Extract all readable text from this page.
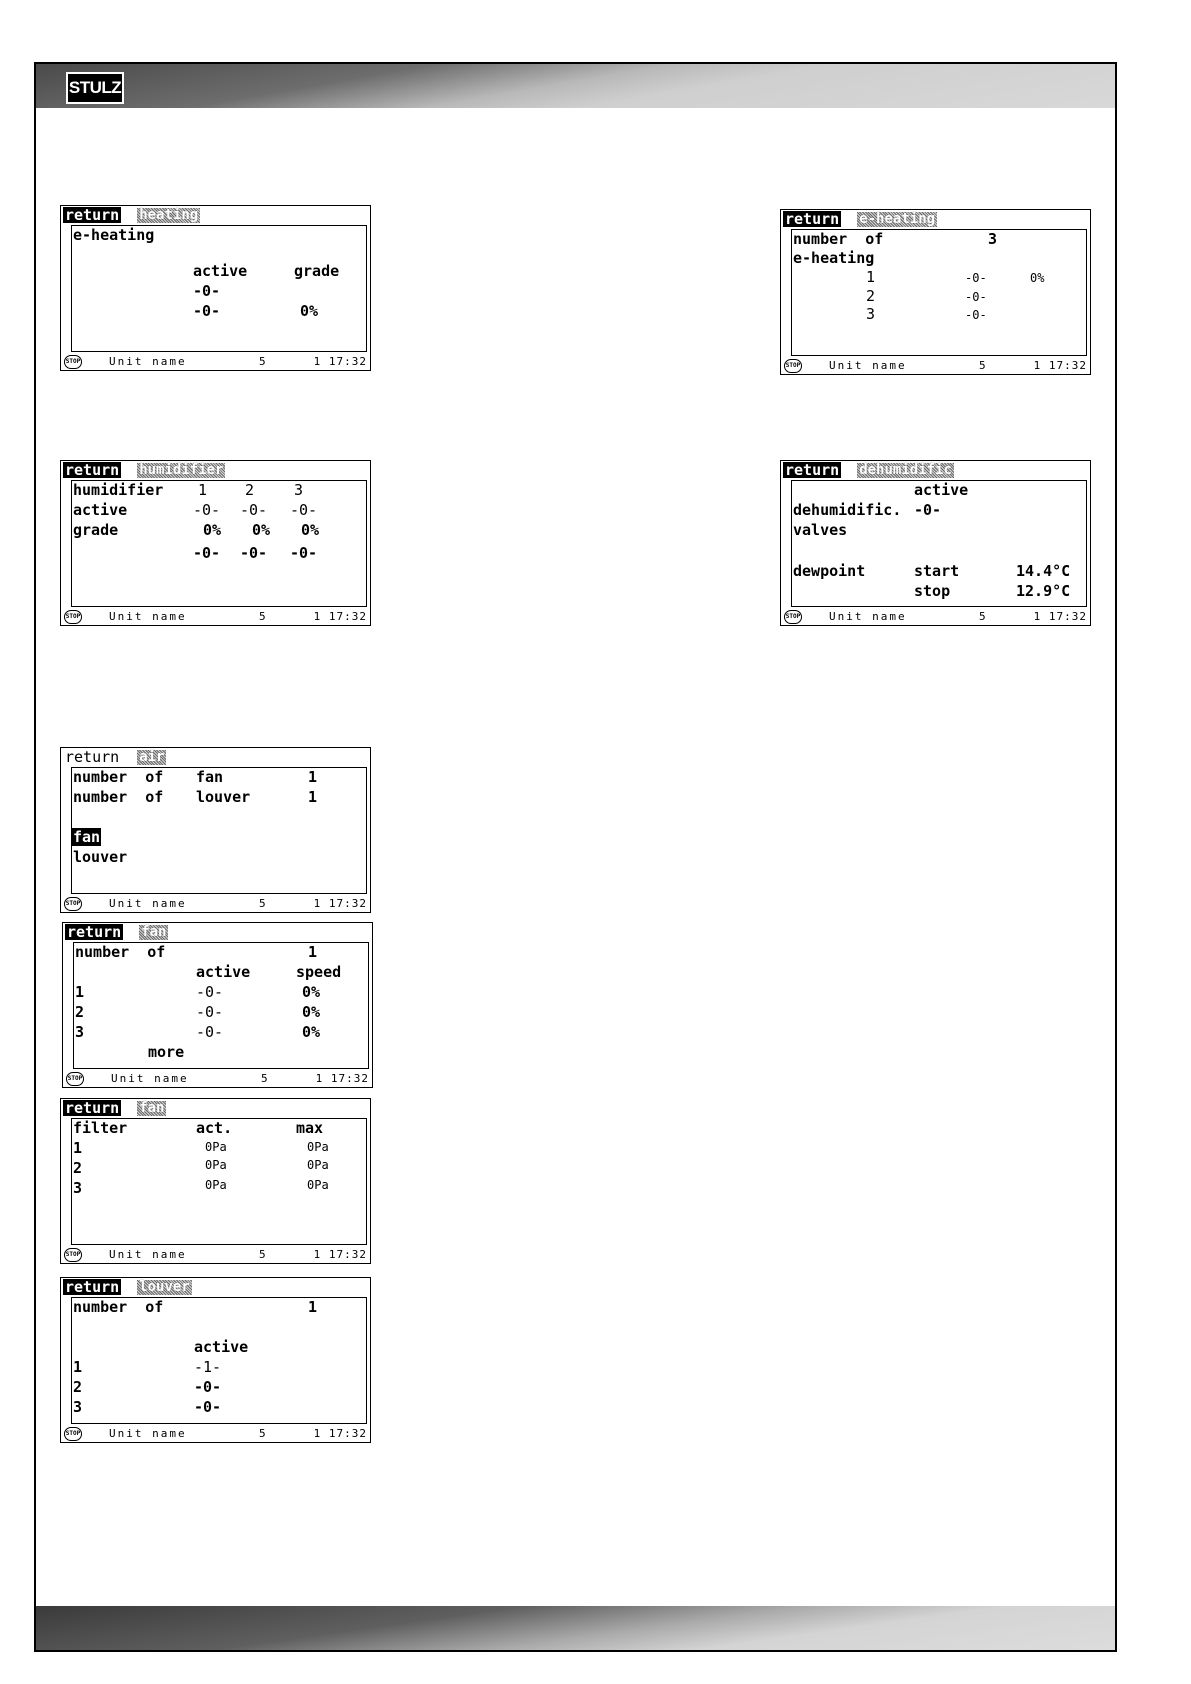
STULZ
return heating
e-heating
active	grade
-0-
-0-	0%
STOP	Unit name	5	1 17:32
return e-heating
number  of	3
e-heating
1	-0-	0%
2	-0-
3	-0-
STOP	Unit name	5	1 17:32
return humidifier
humidifier 1	2	3
active	-0- -0- -0-
grade	0% 0% 0%
-0- -0- -0-
STOP	Unit name	5	1 17:32
return dehumidific
active
dehumidific. -0-
valves
dewpoint	start	14.4°C
stop	12.9°C
STOP	Unit name	5	1 17:32
return air
number  of fan	1
number  of louver	1
fan
louver
STOP	Unit name	5	1 17:32
return fan
number  of	1
active	speed
1	-0-	0%
2	-0-	0%
3	-0-	0%
more
STOP	Unit name	5	1 17:32
return fan
filter	act.	max
1	0Pa	0Pa
2	0Pa	0Pa
3	0Pa	0Pa
STOP	Unit name	5	1 17:32
return louver
number  of	1
active
1	-1-
2	-0-
3	-0-
STOP	Unit name	5	1 17:32
